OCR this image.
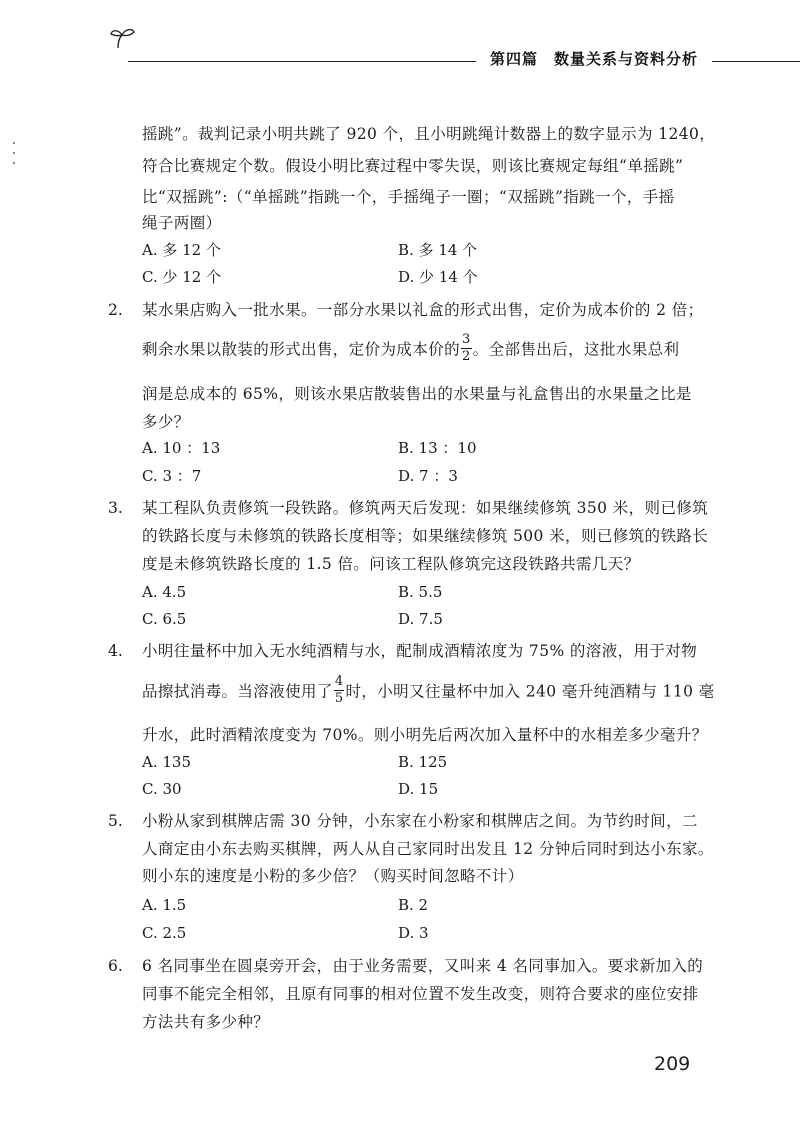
第四篇　数量关系与资料分析
摇跳”。裁判记录小明共跳了 920 个，且小明跳绳计数器上的数字显示为 1240，
符合比赛规定个数。假设小明比赛过程中零失误，则该比赛规定每组“单摇跳”
比“双摇跳”:（“单摇跳”指跳一个，手摇绳子一圈；“双摇跳”指跳一个，手摇
绳子两圈）
A. 多 12 个	B. 多 14 个
C. 少 12 个	D. 少 14 个
2. 某水果店购入一批水果。一部分水果以礼盒的形式出售，定价为成本价的 2 倍；
剩余水果以散装的形式出售，定价为成本价的 $\frac{3}{2}$ 。全部售出后，这批水果总利
润是总成本的 65%，则该水果店散装售出的水果量与礼盒售出的水果量之比是
多少？
A. 10 ：13	B. 13 ：10
C. 3 ：7	D. 7 ：3
3. 某工程队负责修筑一段铁路。修筑两天后发现：如果继续修筑 350 米，则已修筑
的铁路长度与未修筑的铁路长度相等；如果继续修筑 500 米，则已修筑的铁路长
度是未修筑铁路长度的 1.5 倍。问该工程队修筑完这段铁路共需几天？
A. 4.5	B. 5.5
C. 6.5	D. 7.5
4. 小明往量杯中加入无水纯酒精与水，配制成酒精浓度为 75% 的溶液，用于对物
品擦拭消毒。当溶液使用了 $\frac{4}{5}$ 时，小明又往量杯中加入 240 毫升纯酒精与 110 毫
升水，此时酒精浓度变为 70%。则小明先后两次加入量杯中的水相差多少毫升？
A. 135	B. 125
C. 30	D. 15
5. 小粉从家到棋牌店需 30 分钟，小东家在小粉家和棋牌店之间。为节约时间，二
人商定由小东去购买棋牌，两人从自己家同时出发且 12 分钟后同时到达小东家。
则小东的速度是小粉的多少倍？（购买时间忽略不计）
A. 1.5	B. 2
C. 2.5	D. 3
6. 6 名同事坐在圆桌旁开会，由于业务需要，又叫来 4 名同事加入。要求新加入的
同事不能完全相邻，且原有同事的相对位置不发生改变，则符合要求的座位安排
方法共有多少种？
209
